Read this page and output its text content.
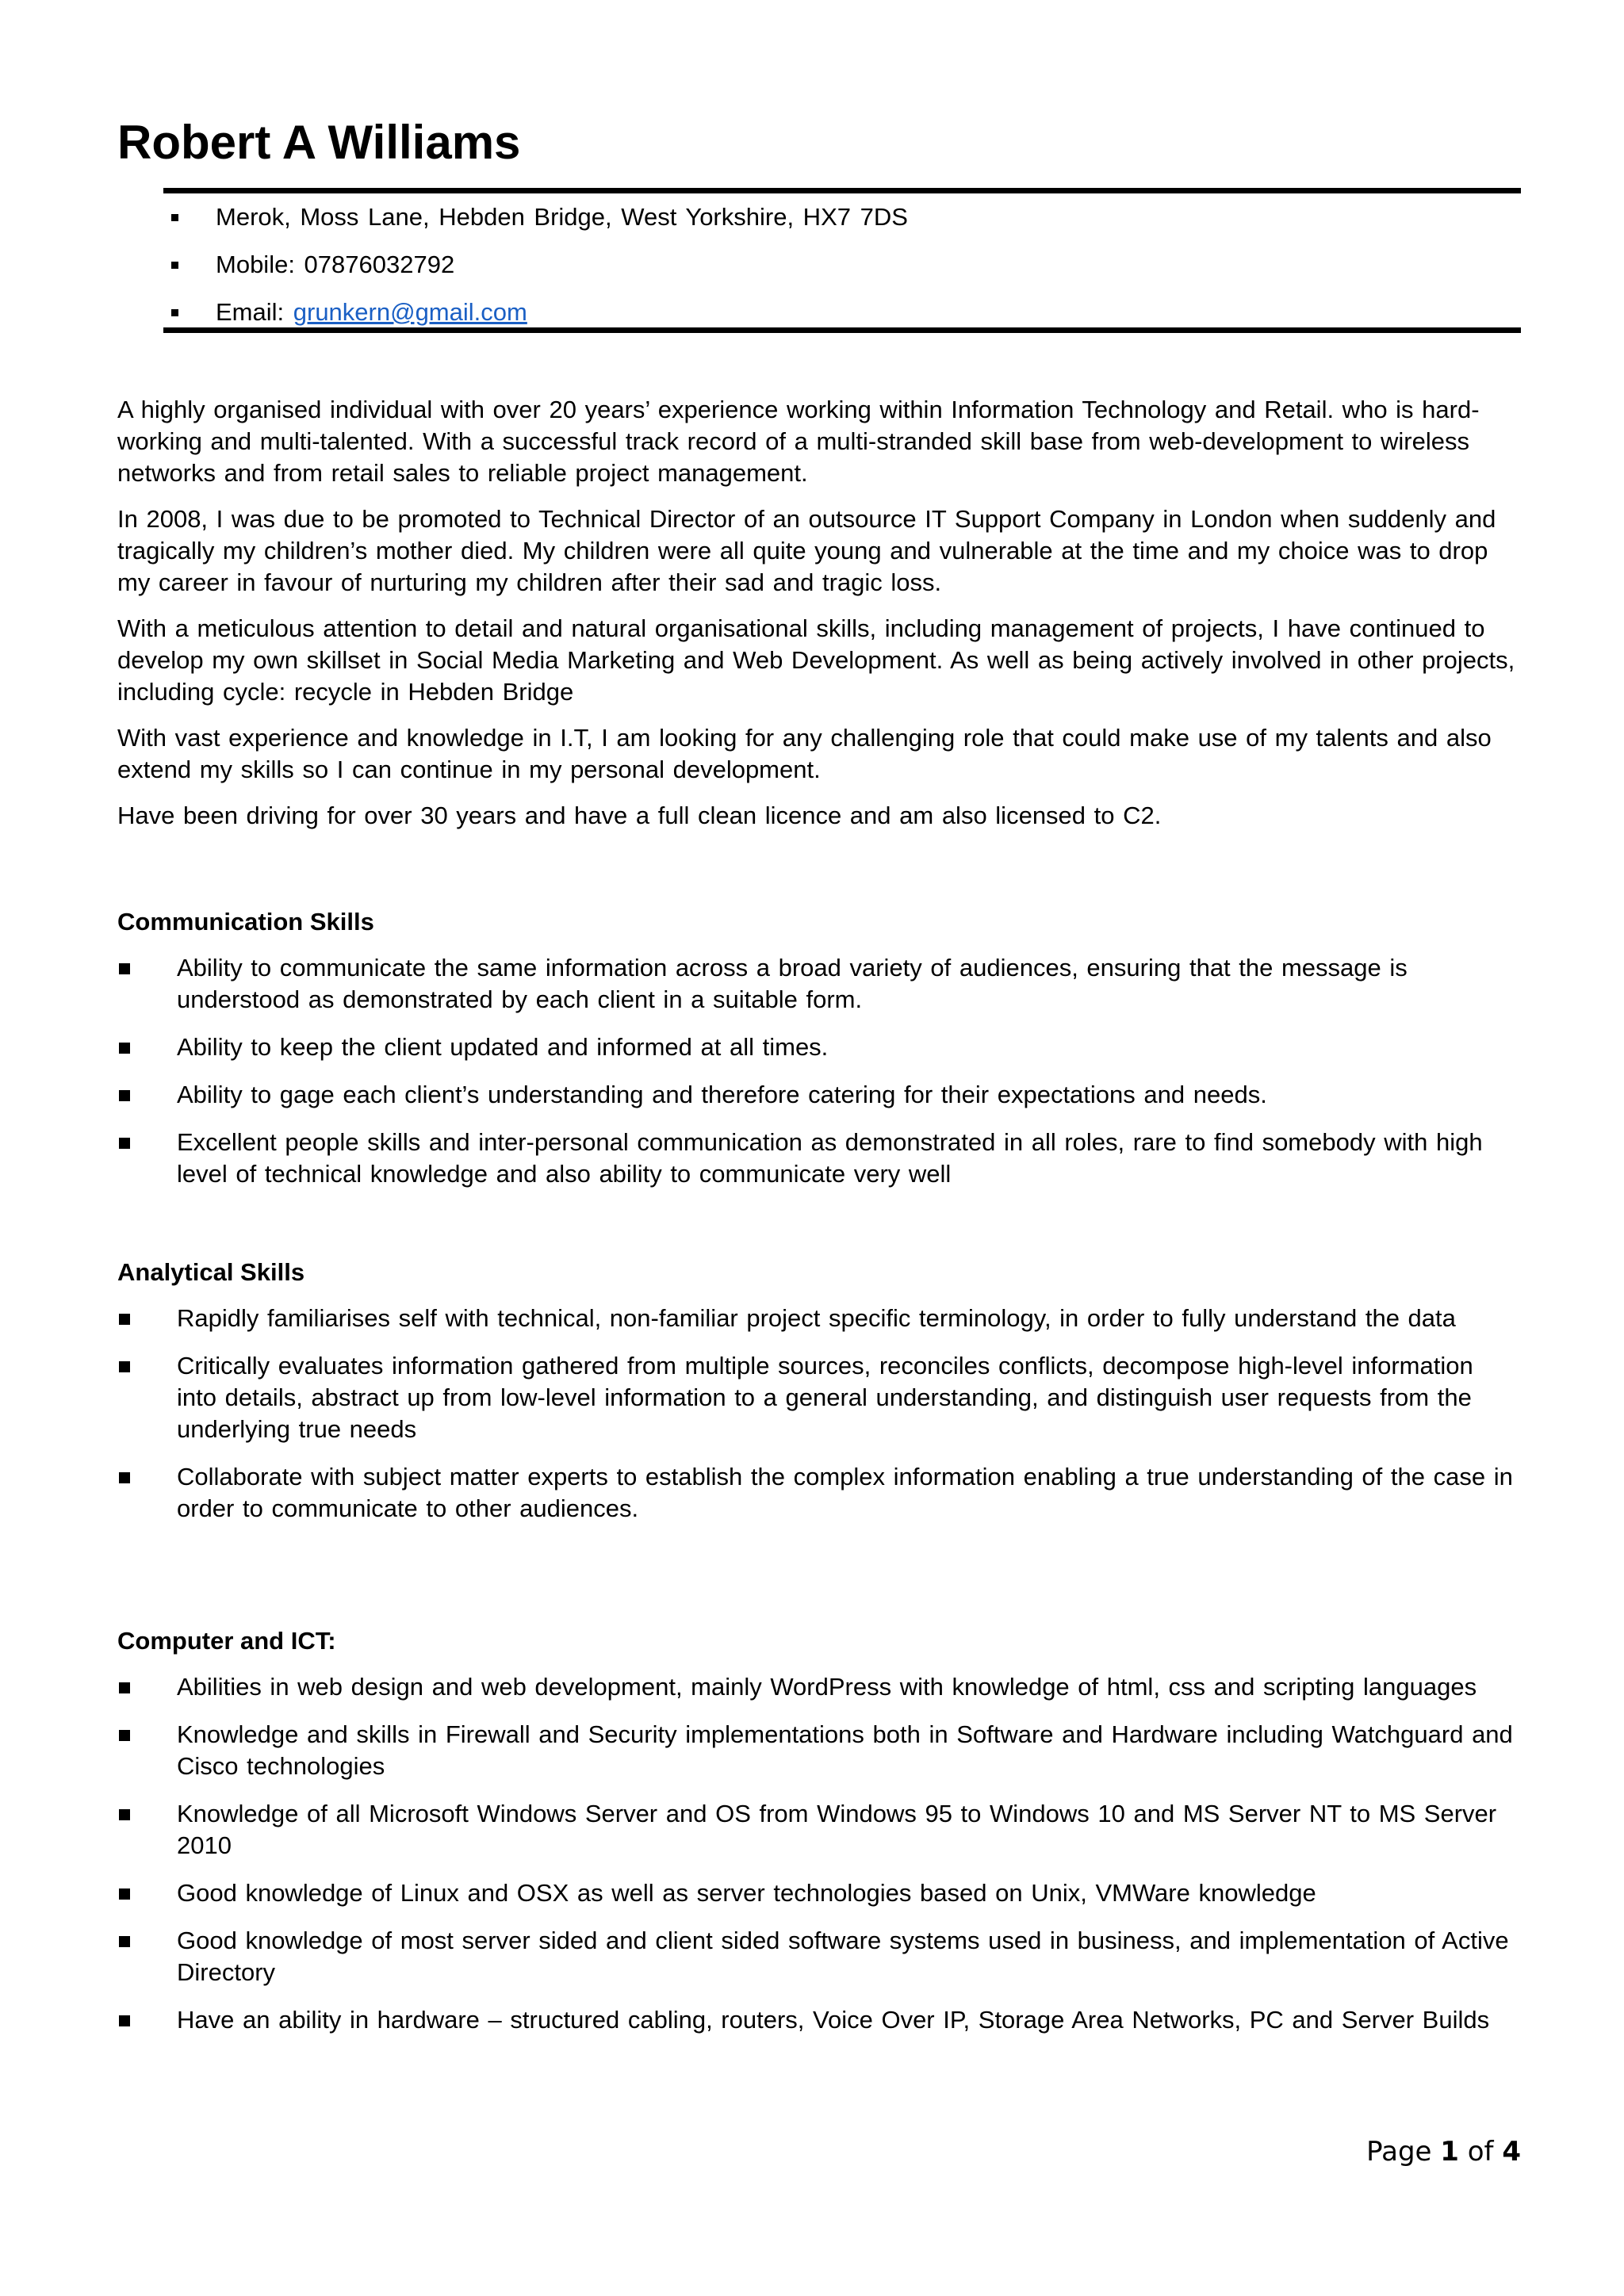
Robert A Williams
Merok, Moss Lane, Hebden Bridge, West Yorkshire, HX7 7DS
Mobile: 07876032792
Email: grunkern@gmail.com

A highly organised individual with over 20 years’ experience working within Information Technology and Retail. who is hard-working and multi-talented. With a successful track record of a multi-stranded skill base from web-development to wireless networks and from retail sales to reliable project management.

In 2008, I was due to be promoted to Technical Director of an outsource IT Support Company in London when suddenly and tragically my children’s mother died. My children were all quite young and vulnerable at the time and my choice was to drop my career in favour of nurturing my children after their sad and tragic loss.

With a meticulous attention to detail and natural organisational skills, including management of projects, I have continued to develop my own skillset in Social Media Marketing and Web Development. As well as being actively involved in other projects, including cycle: recycle in Hebden Bridge

With vast experience and knowledge in I.T, I am looking for any challenging role that could make use of my talents and also extend my skills so I can continue in my personal development.

Have been driving for over 30 years and have a full clean licence and am also licensed to C2.

Communication Skills
Ability to communicate the same information across a broad variety of audiences, ensuring that the message is understood as demonstrated by each client in a suitable form.
Ability to keep the client updated and informed at all times.
Ability to gage each client’s understanding and therefore catering for their expectations and needs.
Excellent people skills and inter-personal communication as demonstrated in all roles, rare to find somebody with high level of technical knowledge and also ability to communicate very well
Analytical Skills
Rapidly familiarises self with technical, non-familiar project specific terminology, in order to fully understand the data
Critically evaluates information gathered from multiple sources, reconciles conflicts, decompose high-level information into details, abstract up from low-level information to a general understanding, and distinguish user requests from the underlying true needs
Collaborate with subject matter experts to establish the complex information enabling a true understanding of the case in order to communicate to other audiences.
Computer and ICT:
Abilities in web design and web development, mainly WordPress with knowledge of html, css and scripting languages
Knowledge and skills in Firewall and Security implementations both in Software and Hardware including Watchguard and Cisco technologies
Knowledge of all Microsoft Windows Server and OS from Windows 95 to Windows 10 and MS Server NT to MS Server 2010
Good knowledge of Linux and OSX as well as server technologies based on Unix, VMWare knowledge
Good knowledge of most server sided and client sided software systems used in business, and implementation of Active Directory
Have an ability in hardware – structured cabling, routers, Voice Over IP, Storage Area Networks, PC and Server Builds
Page 1 of 4
